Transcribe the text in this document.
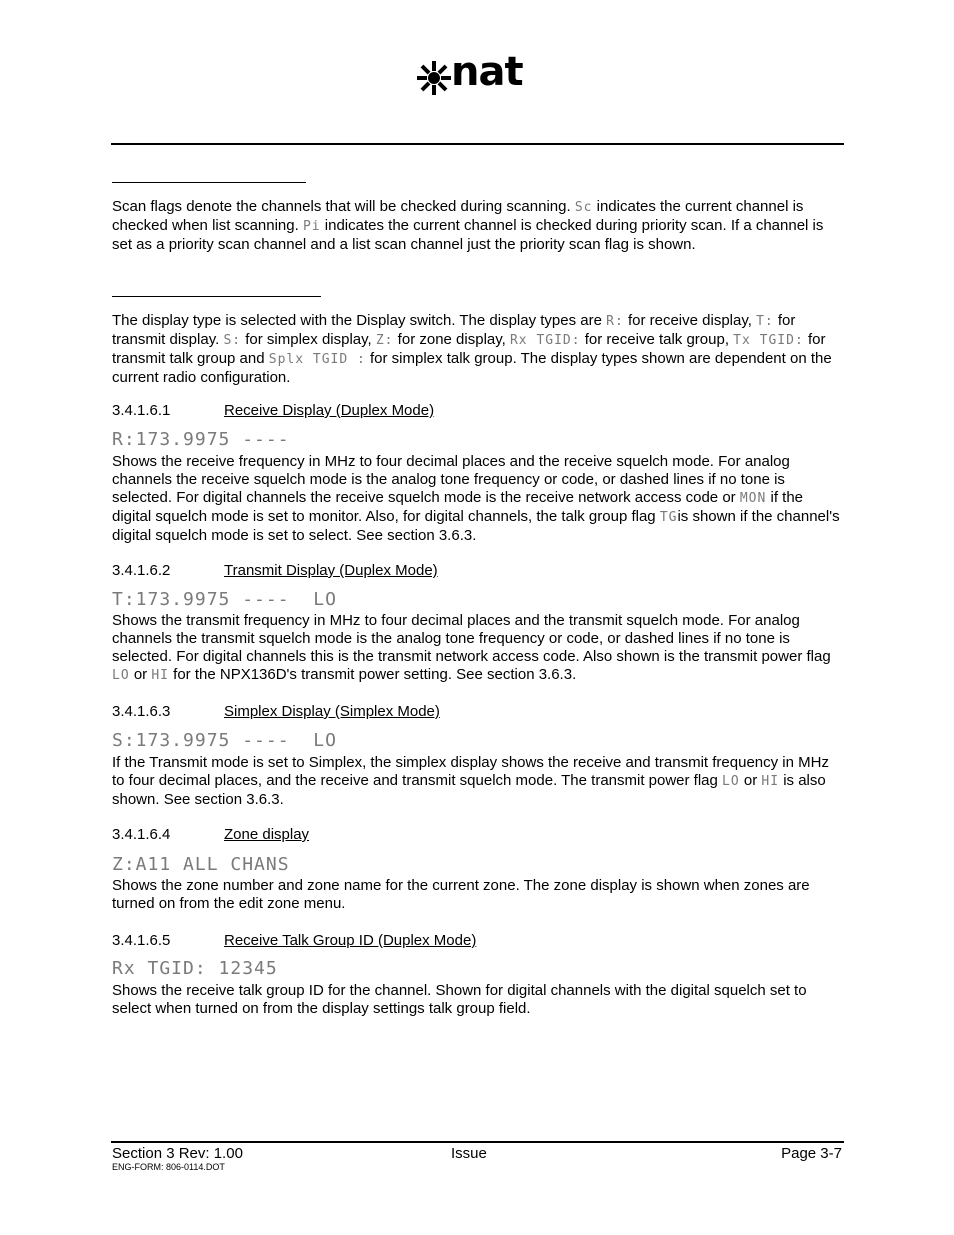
nat
Scan flags denote the channels that will be checked during scanning. Sc indicates the current channel is checked when list scanning. Pi indicates the current channel is checked during priority scan. If a channel is set as a priority scan channel and a list scan channel just the priority scan flag is shown.
The display type is selected with the Display switch. The display types are R: for receive display, T: for transmit display. S: for simplex display, Z: for zone display, Rx TGID: for receive talk group, Tx TGID: for transmit talk group and Splx TGID : for simplex talk group. The display types shown are dependent on the current radio configuration.
3.4.1.6.1	Receive Display (Duplex Mode)
R:173.9975 ----
Shows the receive frequency in MHz to four decimal places and the receive squelch mode. For analog channels the receive squelch mode is the analog tone frequency or code, or dashed lines if no tone is selected. For digital channels the receive squelch mode is the receive network access code or MON if the digital squelch mode is set to monitor. Also, for digital channels, the talk group flag TGis shown if the channel's digital squelch mode is set to select. See section 3.6.3.
3.4.1.6.2	Transmit Display (Duplex Mode)
T:173.9975 ----  LO
Shows the transmit frequency in MHz to four decimal places and the transmit squelch mode. For analog channels the transmit squelch mode is the analog tone frequency or code, or dashed lines if no tone is selected. For digital channels this is the transmit network access code. Also shown is the transmit power flag LO or HI for the NPX136D's transmit power setting. See section 3.6.3.
3.4.1.6.3	Simplex Display (Simplex Mode)
S:173.9975 ----  LO
If the Transmit mode is set to Simplex, the simplex display shows the receive and transmit frequency in MHz to four decimal places, and the receive and transmit squelch mode. The transmit power flag LO or HI is also shown. See section 3.6.3.
3.4.1.6.4	Zone display
Z:A11 ALL CHANS
Shows the zone number and zone name for the current zone. The zone display is shown when zones are turned on from the edit zone menu.
3.4.1.6.5	Receive Talk Group ID (Duplex Mode)
Rx TGID: 12345
Shows the receive talk group ID for the channel. Shown for digital channels with the digital squelch set to select when turned on from the display settings talk group field.
Section 3 Rev: 1.00	Issue	Page 3-7
ENG-FORM: 806-0114.DOT
